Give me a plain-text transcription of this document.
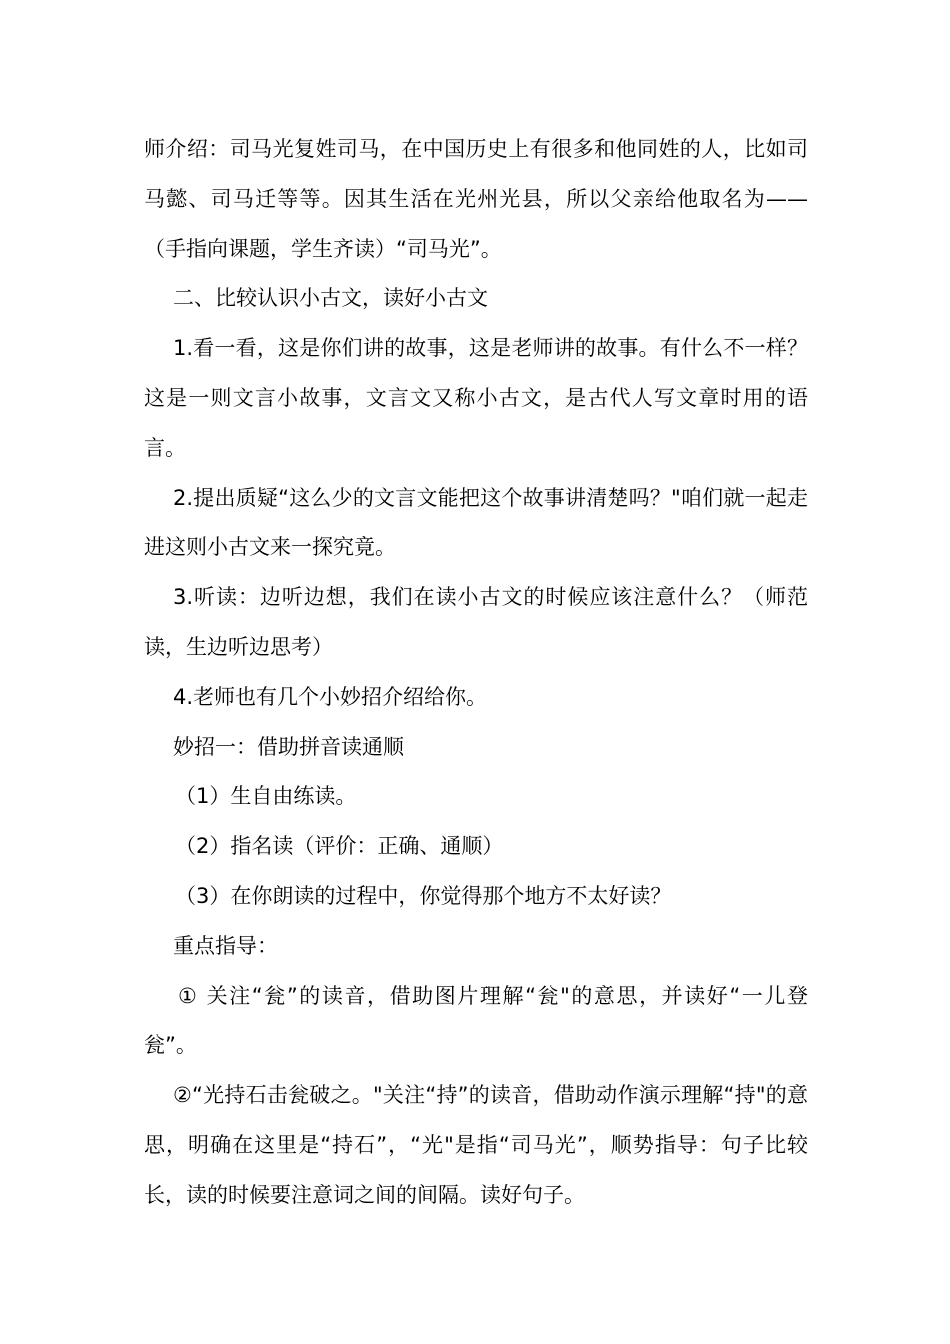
师介绍：司马光复姓司马，在中国历史上有很多和他同姓的人，比如司马懿、司马迁等等。因其生活在光州光县，所以父亲给他取名为——（手指向课题，学生齐读）“司马光”。

二、比较认识小古文，读好小古文

1.看一看，这是你们讲的故事，这是老师讲的故事。有什么不一样？这是一则文言小故事，文言文又称小古文，是古代人写文章时用的语言。

2.提出质疑“这么少的文言文能把这个故事讲清楚吗？"咱们就一起走进这则小古文来一探究竟。

3.听读：边听边想，我们在读小古文的时候应该注意什么？（师范读，生边听边思考）

4.老师也有几个小妙招介绍给你。

妙招一：借助拼音读通顺

（1）生自由练读。

（2）指名读（评价：正确、通顺）

（3）在你朗读的过程中，你觉得那个地方不太好读？

重点指导：

① 关注“瓮”的读音，借助图片理解“瓮"的意思，并读好“一儿登瓮”。

②“光持石击瓮破之。"关注“持”的读音，借助动作演示理解“持"的意思，明确在这里是“持石”，“光"是指“司马光”，顺势指导：句子比较长，读的时候要注意词之间的间隔。读好句子。
